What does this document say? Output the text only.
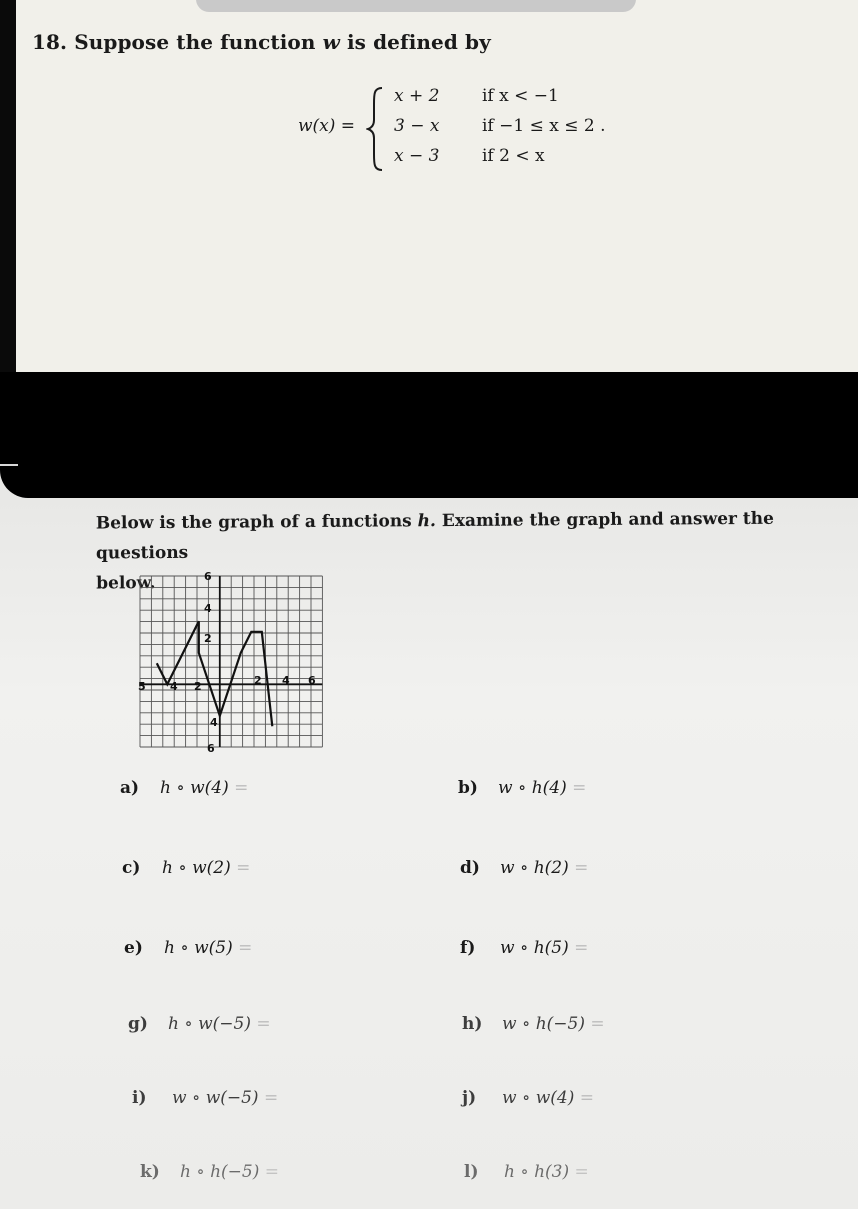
18. Suppose the function w is defined by
w(x) =
x + 2	if x < −1
3 − x	if −1 ≤ x ≤ 2 .
x − 3	if 2 < x
Below is the graph of a functions h. Examine the graph and answer the questions
below.	6
6
5	6
4 2	2 4
4
2
4
a) h ∘ w(4) =	b) w ∘ h(4) =
c) h ∘ w(2) =	d) w ∘ h(2) =
e) h ∘ w(5) =	f) w ∘ h(5) =
g) h ∘ w(−5) =	h) w ∘ h(−5) =
i) w ∘ w(−5) =	j) w ∘ w(4) =
k) h ∘ h(−5) =	l) h ∘ h(3) =
